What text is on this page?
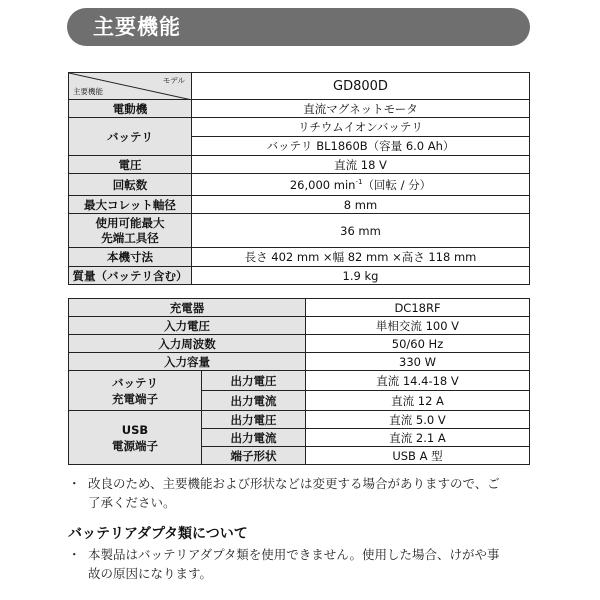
主要機能
モデル
主要機能	GD800D
電動機	直流マグネットモータ
バッテリ	リチウムイオンバッテリ
	バッテリ BL1860B（容量 6.0 Ah）
電圧	直流 18 V
回転数	26,000 $\min^{-1}$（回転 / 分）
最大コレット軸径	8 mm
使用可能最大
先端工具径	36 mm
本機寸法	長さ 402 mm ×幅 82 mm ×高さ 118 mm
質量（バッテリ含む）	1.9 kg
充電器		DC18RF
入力電圧		単相交流 100 V
入力周波数		50/60 Hz
入力容量		330 W
バッテリ
充電端子	出力電圧	直流 14.4-18 V
	出力電流	直流 12 A
USB
電源端子	出力電圧	直流 5.0 V
	出力電流	直流 2.1 A
	端子形状	USB A 型
・ 改良のため、主要機能および形状などは変更する場合がありますので、ご
了承ください。
バッテリアダプタ類について
・ 本製品はバッテリアダプタ類を使用できません。使用した場合、けがや事
故の原因になります。
